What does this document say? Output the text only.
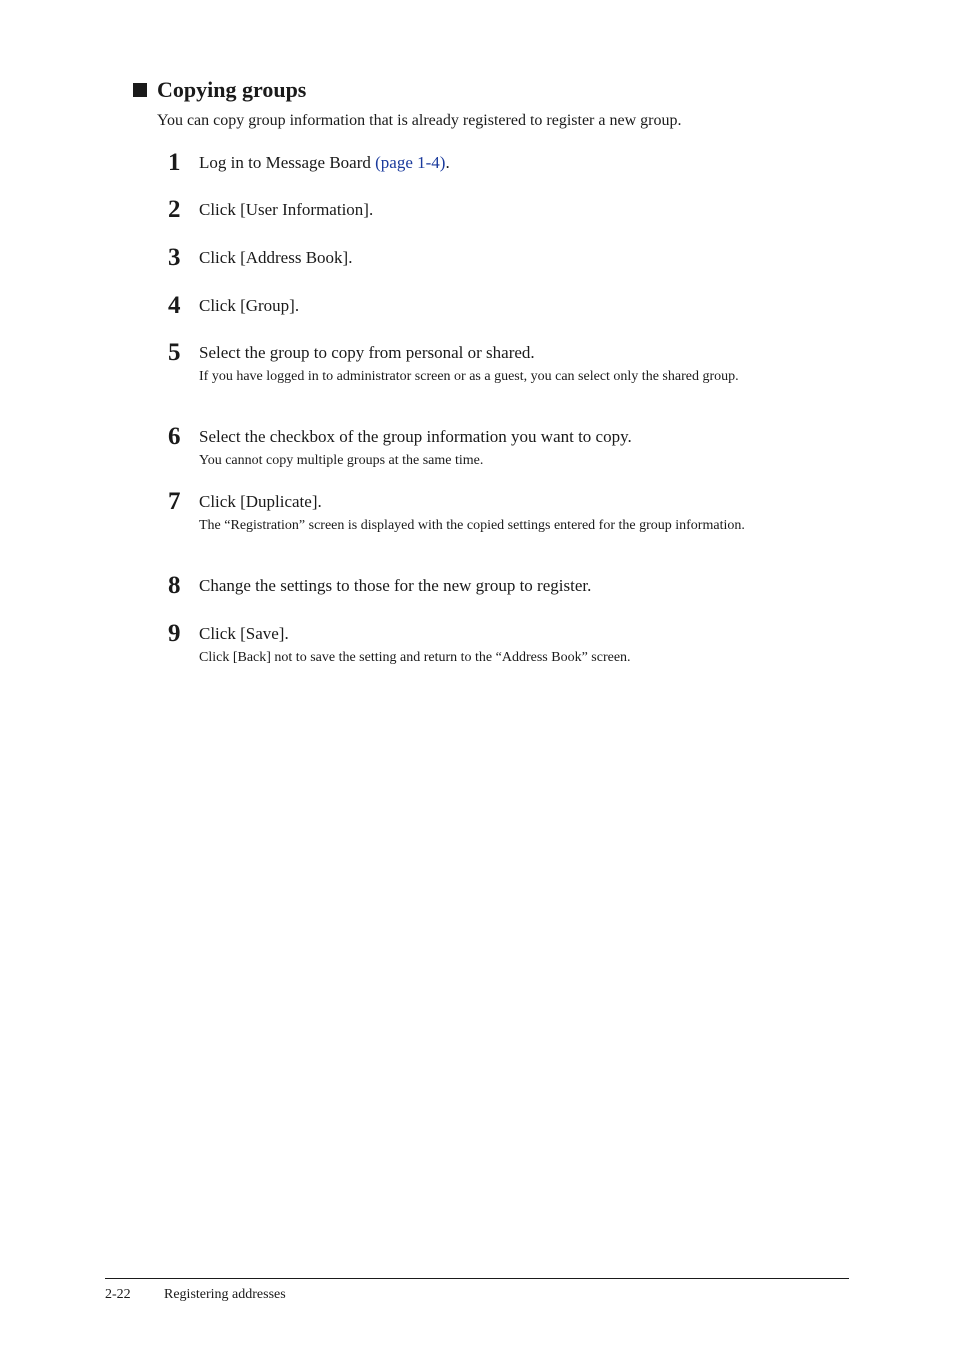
Copying groups

You can copy group information that is already registered to register a new group.

1	Log in to Message Board (page 1-4).
2	Click [User Information].
3	Click [Address Book].
4	Click [Group].
5	Select the group to copy from personal or shared.
If you have logged in to administrator screen or as a guest, you can select only the shared group.
6	Select the checkbox of the group information you want to copy.
You cannot copy multiple groups at the same time.
7	Click [Duplicate].
The “Registration” screen is displayed with the copied settings entered for the group information.
8	Change the settings to those for the new group to register.
9	Click [Save].
Click [Back] not to save the setting and return to the “Address Book” screen.
2-22	Registering addresses
